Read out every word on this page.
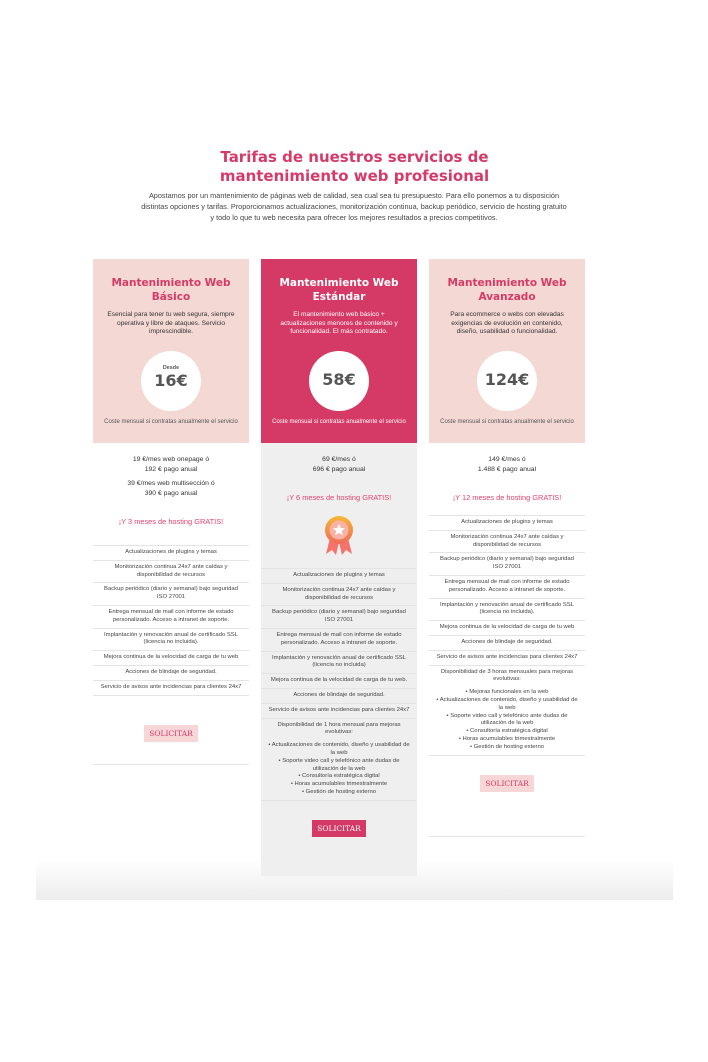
Tarifas de nuestros servicios de
mantenimiento web profesional

Apostamos por un mantenimiento de páginas web de calidad, sea cual sea tu presupuesto. Para ello ponemos a tu disposición distintas opciones y tarifas. Proporcionamos actualizaciones, monitorización continua, backup periódico, servicio de hosting gratuito y todo lo que tu web necesita para ofrecer los mejores resultados a precios competitivos.

Mantenimiento Web
Básico

Esencial para tener tu web segura, siempre operativa y libre de ataques. Servicio imprescindible.

Desde
16€

Coste mensual si contratas anualmente el servicio

19 €/mes web onepage ó
192 € pago anual
39 €/mes web multisección ó
390 € pago anual

¡Y 3 meses de hosting GRATIS!

Actualizaciones de plugins y temas
Monitorización continua 24x7 ante caídas y disponibilidad de recursos
Backup periódico (diario y semanal) bajo seguridad ISO 27001
Entrega mensual de mail con informe de estado personalizado. Acceso a intranet de soporte.
Implantación y renovación anual de certificado SSL (licencia no incluida).
Mejora continua de la velocidad de carga de tu web
Acciones de blindaje de seguridad.
Servicio de avisos ante incidencias para clientes 24x7
SOLICITAR
Mantenimiento Web
Estándar

El mantenimiento web básico + actualizaciones menores de contenido y funcionalidad. El más contratado.

58€

Coste mensual si contratas anualmente el servicio

69 €/mes ó
696 € pago anual

¡Y 6 meses de hosting GRATIS!

Actualizaciones de plugins y temas
Monitorización continua 24x7 ante caídas y disponibilidad de recursos
Backup periódico (diario y semanal) bajo seguridad ISO 27001
Entrega mensual de mail con informe de estado personalizado. Acceso a intranet de soporte.
Implantación y renovación anual de certificado SSL (licencia no incluida)
Mejora continua de la velocidad de carga de tu web.
Acciones de blindaje de seguridad.
Servicio de avisos ante incidencias para clientes 24x7
Disponibilidad de 1 hora mensual para mejoras evolutivas:
• Actualizaciones de contenido, diseño y usabilidad de la web
• Soporte video call y telefónico ante dudas de utilización de la web
• Consultoría estratégica digital
• Horas acumulables trimestralmente
• Gestión de hosting externo
SOLICITAR
Mantenimiento Web
Avanzado

Para ecommerce o webs con elevadas exigencias de evolución en contenido, diseño, usabilidad o funcionalidad.

124€

Coste mensual si contratas anualmente el servicio

149 €/mes ó
1.488 € pago anual

¡Y 12 meses de hosting GRATIS!

Actualizaciones de plugins y temas
Monitorización continua 24x7 ante caídas y disponibilidad de recursos
Backup periódico (diario y semanal) bajo seguridad ISO 27001
Entrega mensual de mail con informe de estado personalizado. Acceso a intranet de soporte.
Implantación y renovación anual de certificado SSL (licencia no incluida).
Mejora continua de la velocidad de carga de tu web
Acciones de blindaje de seguridad.
Servicio de avisos ante incidencias para clientes 24x7
Disponibilidad de 3 horas mensuales para mejoras evolutivas:
• Mejoras funcionales en la web
• Actualizaciones de contenido, diseño y usabilidad de la web
• Soporte video call y telefónico ante dudas de utilización de la web
• Consultoría estratégica digital
• Horas acumulables trimestralmente
• Gestión de hosting externo
SOLICITAR
